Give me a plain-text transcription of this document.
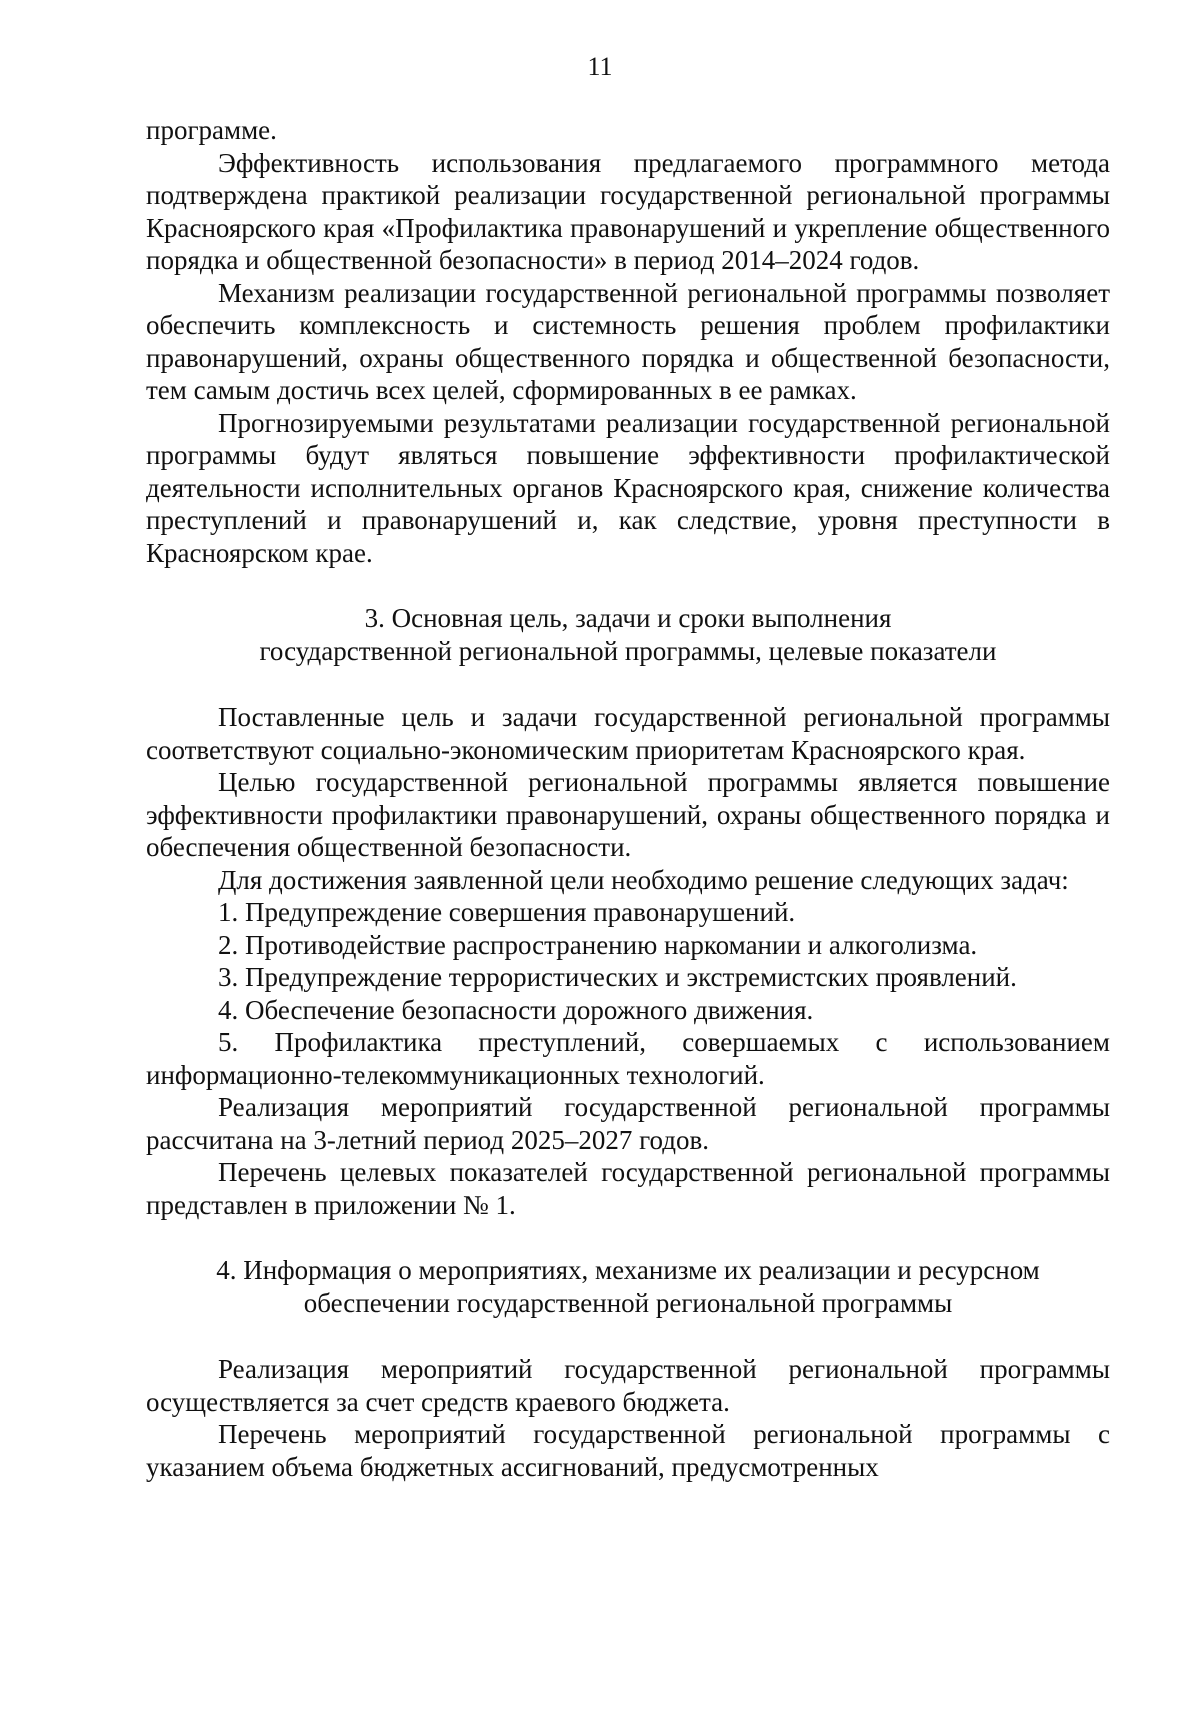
11

программе.

Эффективность использования предлагаемого программного метода подтверждена практикой реализации государственной региональной программы Красноярского края «Профилактика правонарушений и укрепление общественного порядка и общественной безопасности» в период 2014–2024 годов.

Механизм реализации государственной региональной программы позволяет обеспечить комплексность и системность решения проблем профилактики правонарушений, охраны общественного порядка и общественной безопасности, тем самым достичь всех целей, сформированных в ее рамках.

Прогнозируемыми результатами реализации государственной региональной программы будут являться повышение эффективности профилактической деятельности исполнительных органов Красноярского края, снижение количества преступлений и правонарушений и, как следствие, уровня преступности в Красноярском крае.

3. Основная цель, задачи и сроки выполнения

государственной региональной программы, целевые показатели

Поставленные цель и задачи государственной региональной программы соответствуют социально-экономическим приоритетам Красноярского края.

Целью государственной региональной программы является повышение эффективности профилактики правонарушений, охраны общественного порядка и обеспечения общественной безопасности.

Для достижения заявленной цели необходимо решение следующих задач:

1. Предупреждение совершения правонарушений.

2. Противодействие распространению наркомании и алкоголизма.

3. Предупреждение террористических и экстремистских проявлений.

4. Обеспечение безопасности дорожного движения.

5. Профилактика преступлений, совершаемых с использованием информационно-телекоммуникационных технологий.

Реализация мероприятий государственной региональной программы рассчитана на 3-летний период 2025–2027 годов.

Перечень целевых показателей государственной региональной программы представлен в приложении № 1.

4. Информация о мероприятиях, механизме их реализации и ресурсном

обеспечении государственной региональной программы

Реализация мероприятий государственной региональной программы осуществляется за счет средств краевого бюджета.

Перечень мероприятий государственной региональной программы с указанием объема бюджетных ассигнований, предусмотренных
